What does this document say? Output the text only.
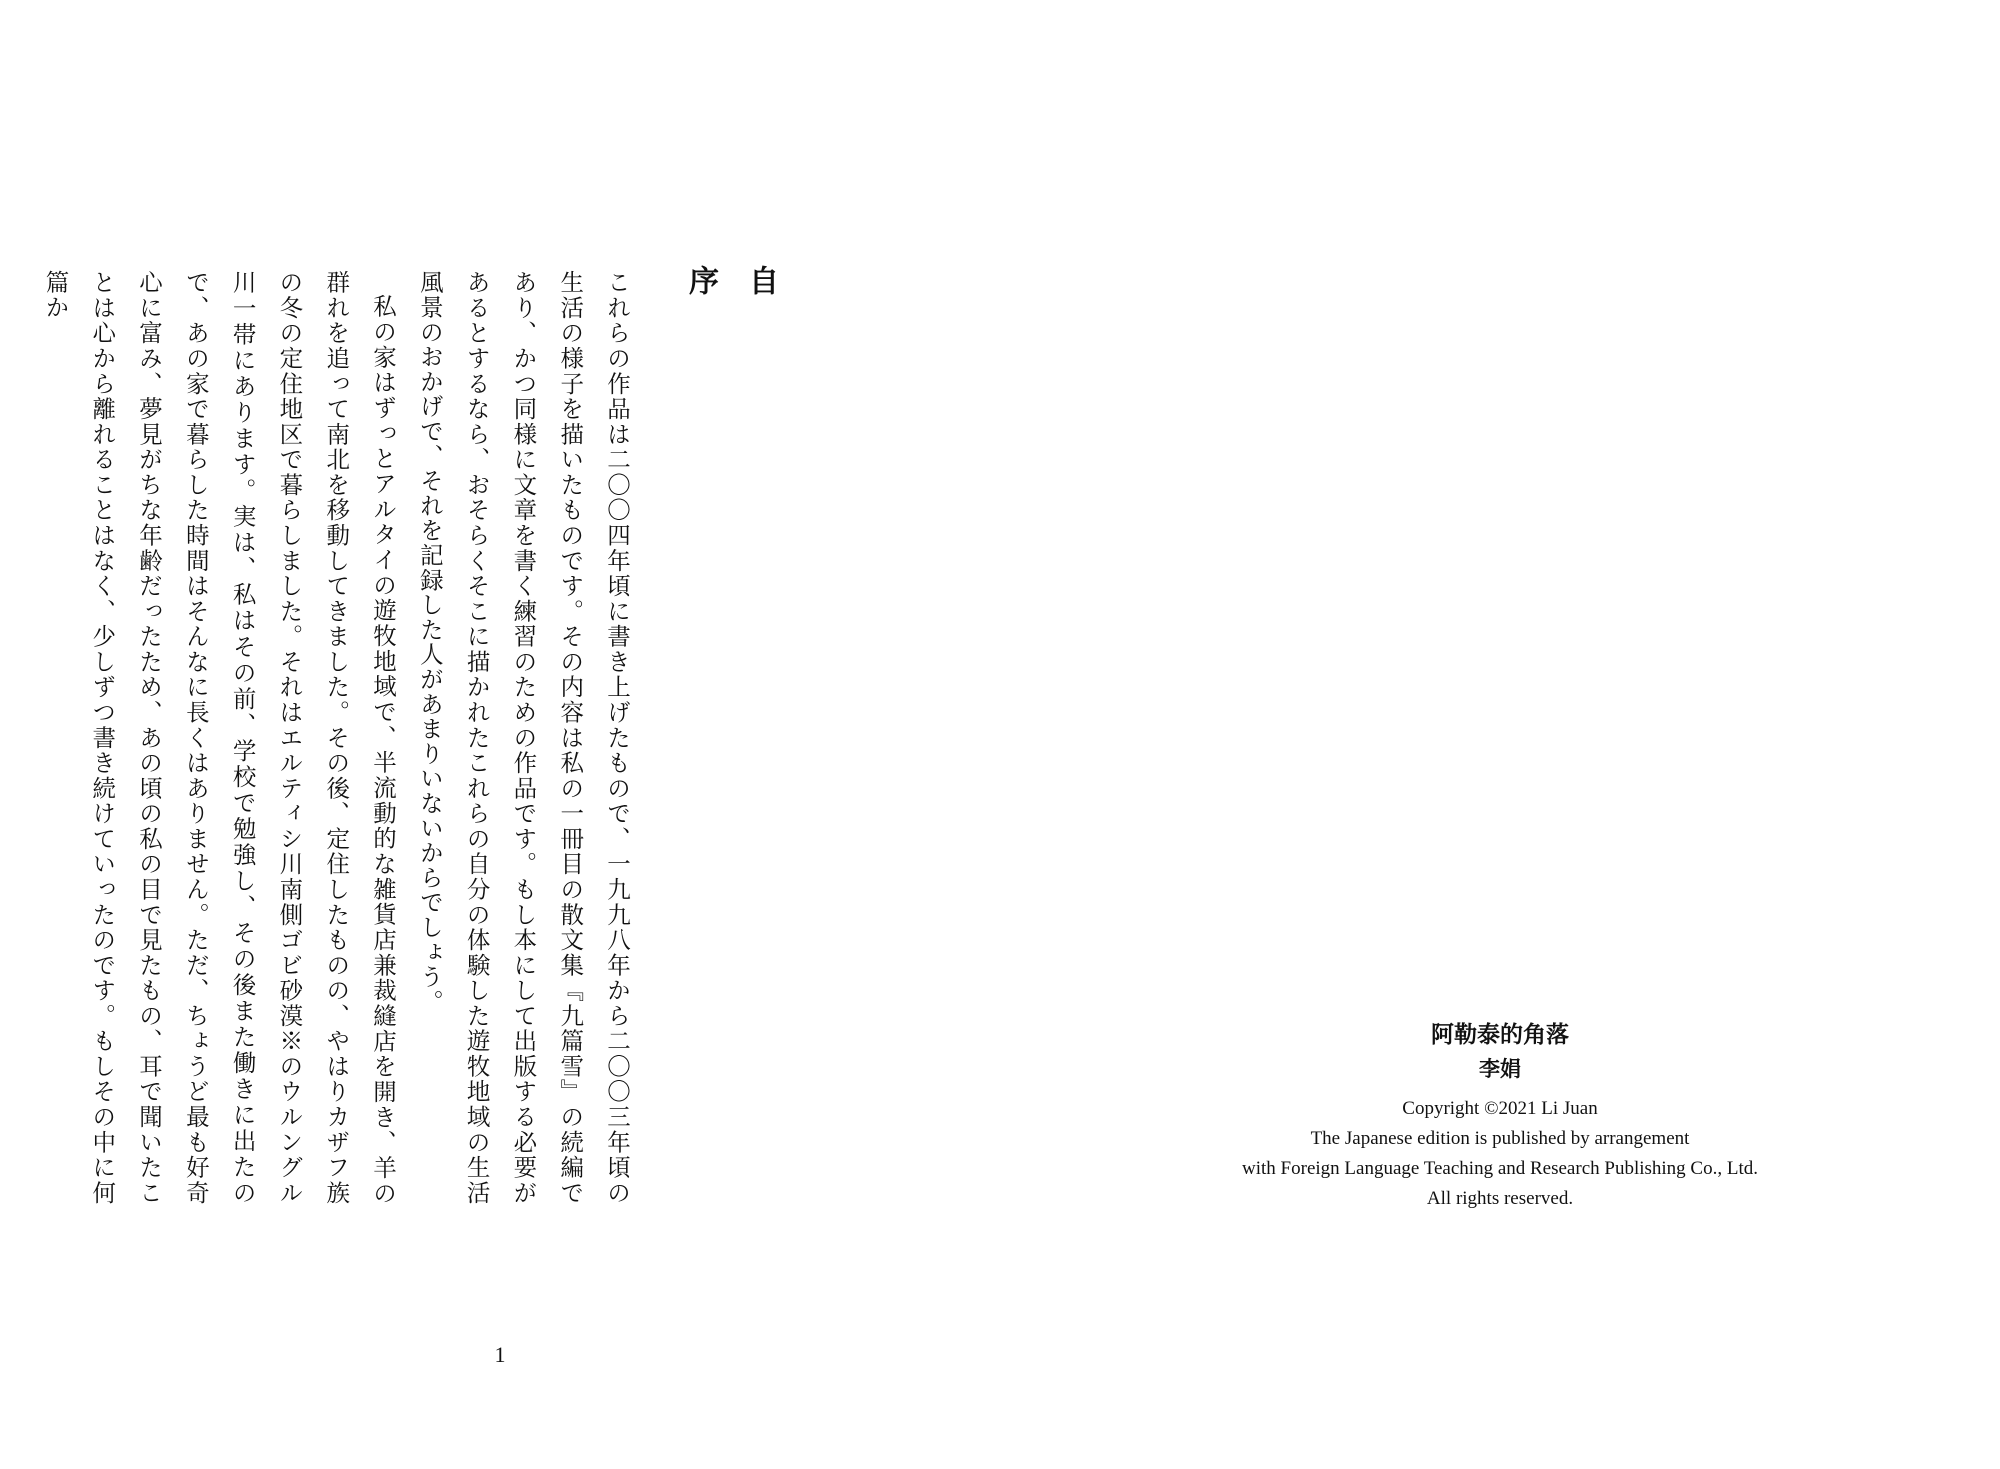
自 序

これらの作品は二〇〇四年頃に書き上げたもので、一九九八年から二〇〇三年頃の生活の様子を描いたものです。その内容は私の一冊目の散文集『九篇雪』の続編であり、かつ同様に文章を書く練習のための作品です。もし本にして出版する必要があるとするなら、おそらくそこに描かれたこれらの自分の体験した遊牧地域の生活風景のおかげで、それを記録した人があまりいないからでしょう。

私の家はずっとアルタイの遊牧地域で、半流動的な雑貨店兼裁縫店を開き、羊の群れを追って南北を移動してきました。その後、定住したものの、やはりカザフ族の冬の定住地区で暮らしました。それはエルティシ川南側ゴビ砂漠※のウルングル川一帯にあります。実は、私はその前、学校で勉強し、その後また働きに出たので、あの家で暮らした時間はそんなに長くはありません。ただ、ちょうど最も好奇心に富み、夢見がちな年齢だったため、あの頃の私の目で見たもの、耳で聞いたことは心から離れることはなく、少しずつ書き続けていったのです。もしその中に何篇か

1
阿勒泰的角落
李娟
Copyright ©2021 Li Juan
The Japanese edition is published by arrangement
with Foreign Language Teaching and Research Publishing Co., Ltd.
All rights reserved.
